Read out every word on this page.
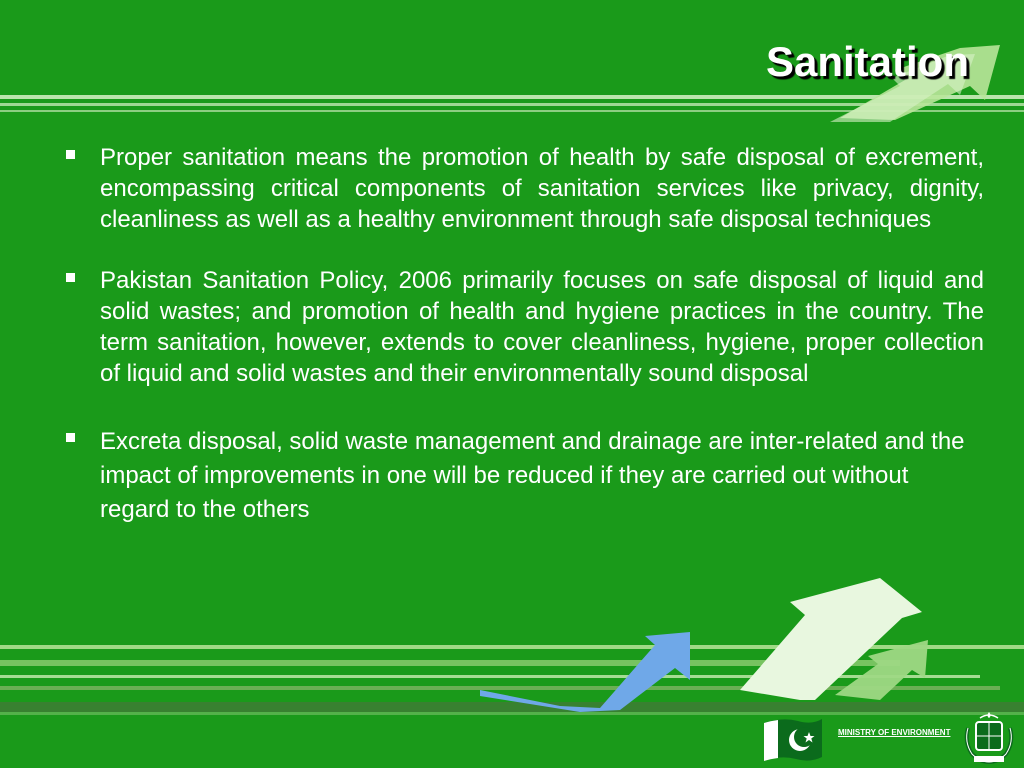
Sanitation
Proper sanitation means the promotion of health by safe disposal of excrement, encompassing critical components of sanitation services like privacy, dignity, cleanliness as well as a healthy environment through safe disposal techniques
Pakistan Sanitation Policy, 2006 primarily focuses on safe disposal of liquid and solid wastes; and promotion of health and hygiene practices in the country. The term sanitation, however, extends to cover cleanliness, hygiene, proper collection of liquid and solid wastes and their environmentally sound disposal
Excreta disposal, solid waste management and drainage are inter-related and the impact of improvements in one will be reduced if they are carried out without regard to the others
MINISTRY OF ENVIRONMENT
